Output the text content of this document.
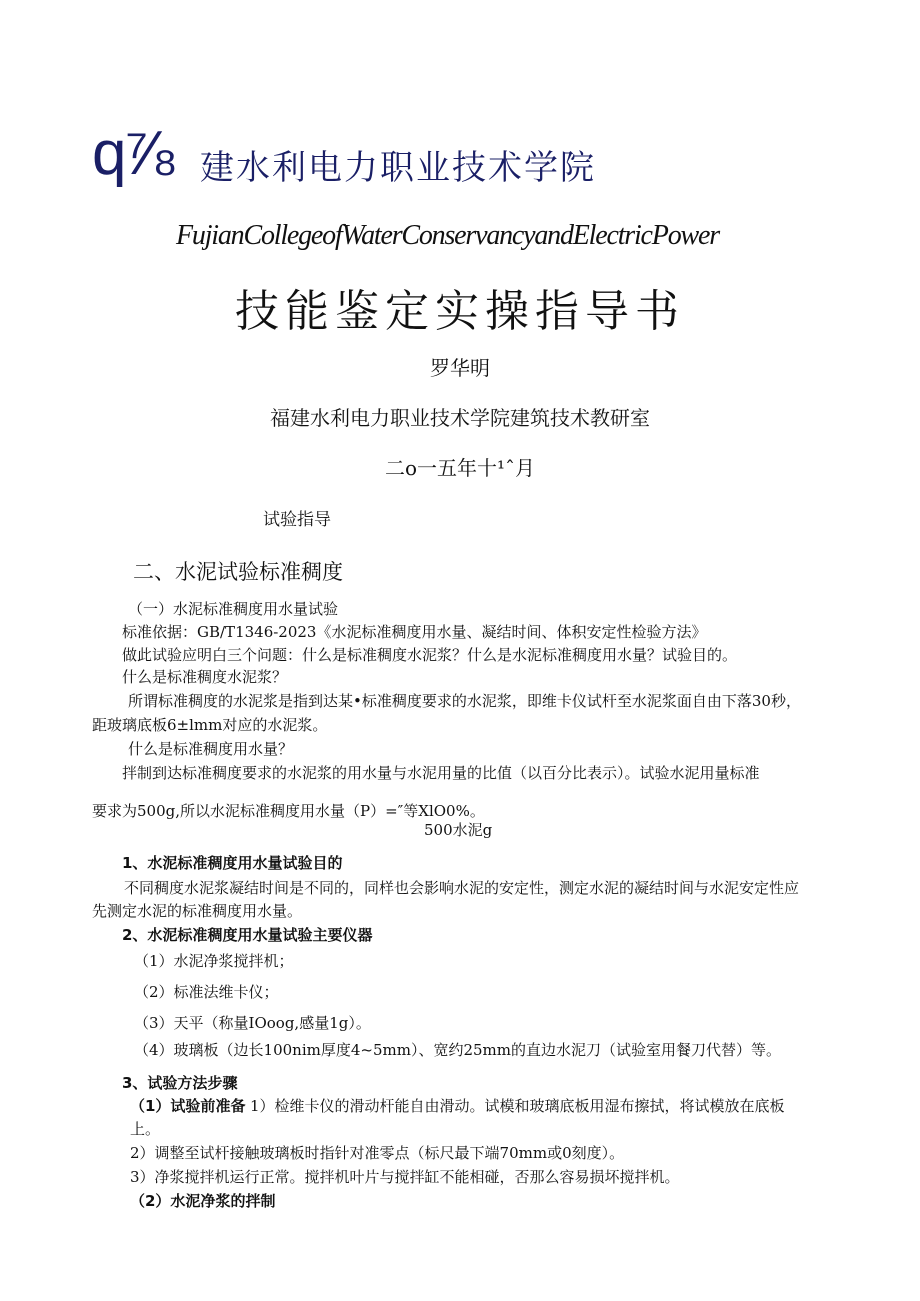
q⅞ 建水利电力职业技术学院
FujianCollegeofWaterConservancyandElectricPower
技能鉴定实操指导书
罗华明
福建水利电力职业技术学院建筑技术教研室
二o一五年十¹ˆ月
试验指导
二、水泥试验标准稠度
（一）水泥标准稠度用水量试验
标准依据：GB/T1346-2023《水泥标准稠度用水量、凝结时间、体积安定性检验方法》
做此试验应明白三个问题：什么是标准稠度水泥浆？什么是水泥标准稠度用水量？试验目的。
什么是标准稠度水泥浆？
所谓标准稠度的水泥浆是指到达某•标准稠度要求的水泥浆，即维卡仪试杆至水泥浆面自由下落30秒，
距玻璃底板6±lmm对应的水泥浆。
什么是标准稠度用水量？
拌制到达标准稠度要求的水泥浆的用水量与水泥用量的比值（以百分比表示）。试验水泥用量标准
要求为500g,所以水泥标准稠度用水量（P）=″等XlO0%。
500水泥g
1、水泥标准稠度用水量试验目的
不同稠度水泥浆凝结时间是不同的，同样也会影响水泥的安定性，测定水泥的凝结时间与水泥安定性应
先测定水泥的标准稠度用水量。
2、水泥标准稠度用水量试验主要仪器
（1）水泥净浆搅拌机；
（2）标准法维卡仪；
（3）天平（称量IOoog,感量1g）。
（4）玻璃板（边长100nim厚度4~5mm）、宽约25mm的直边水泥刀（试验室用餐刀代替）等。
3、试验方法步骤
（1）试验前准备 1）检维卡仪的滑动杆能自由滑动。试模和玻璃底板用湿布擦拭，将试模放在底板
上。
2）调整至试杆接触玻璃板时指针对准零点（标尺最下端70mm或0刻度）。
3）净浆搅拌机运行正常。搅拌机叶片与搅拌缸不能相碰，否那么容易损坏搅拌机。
（2）水泥净浆的拌制
